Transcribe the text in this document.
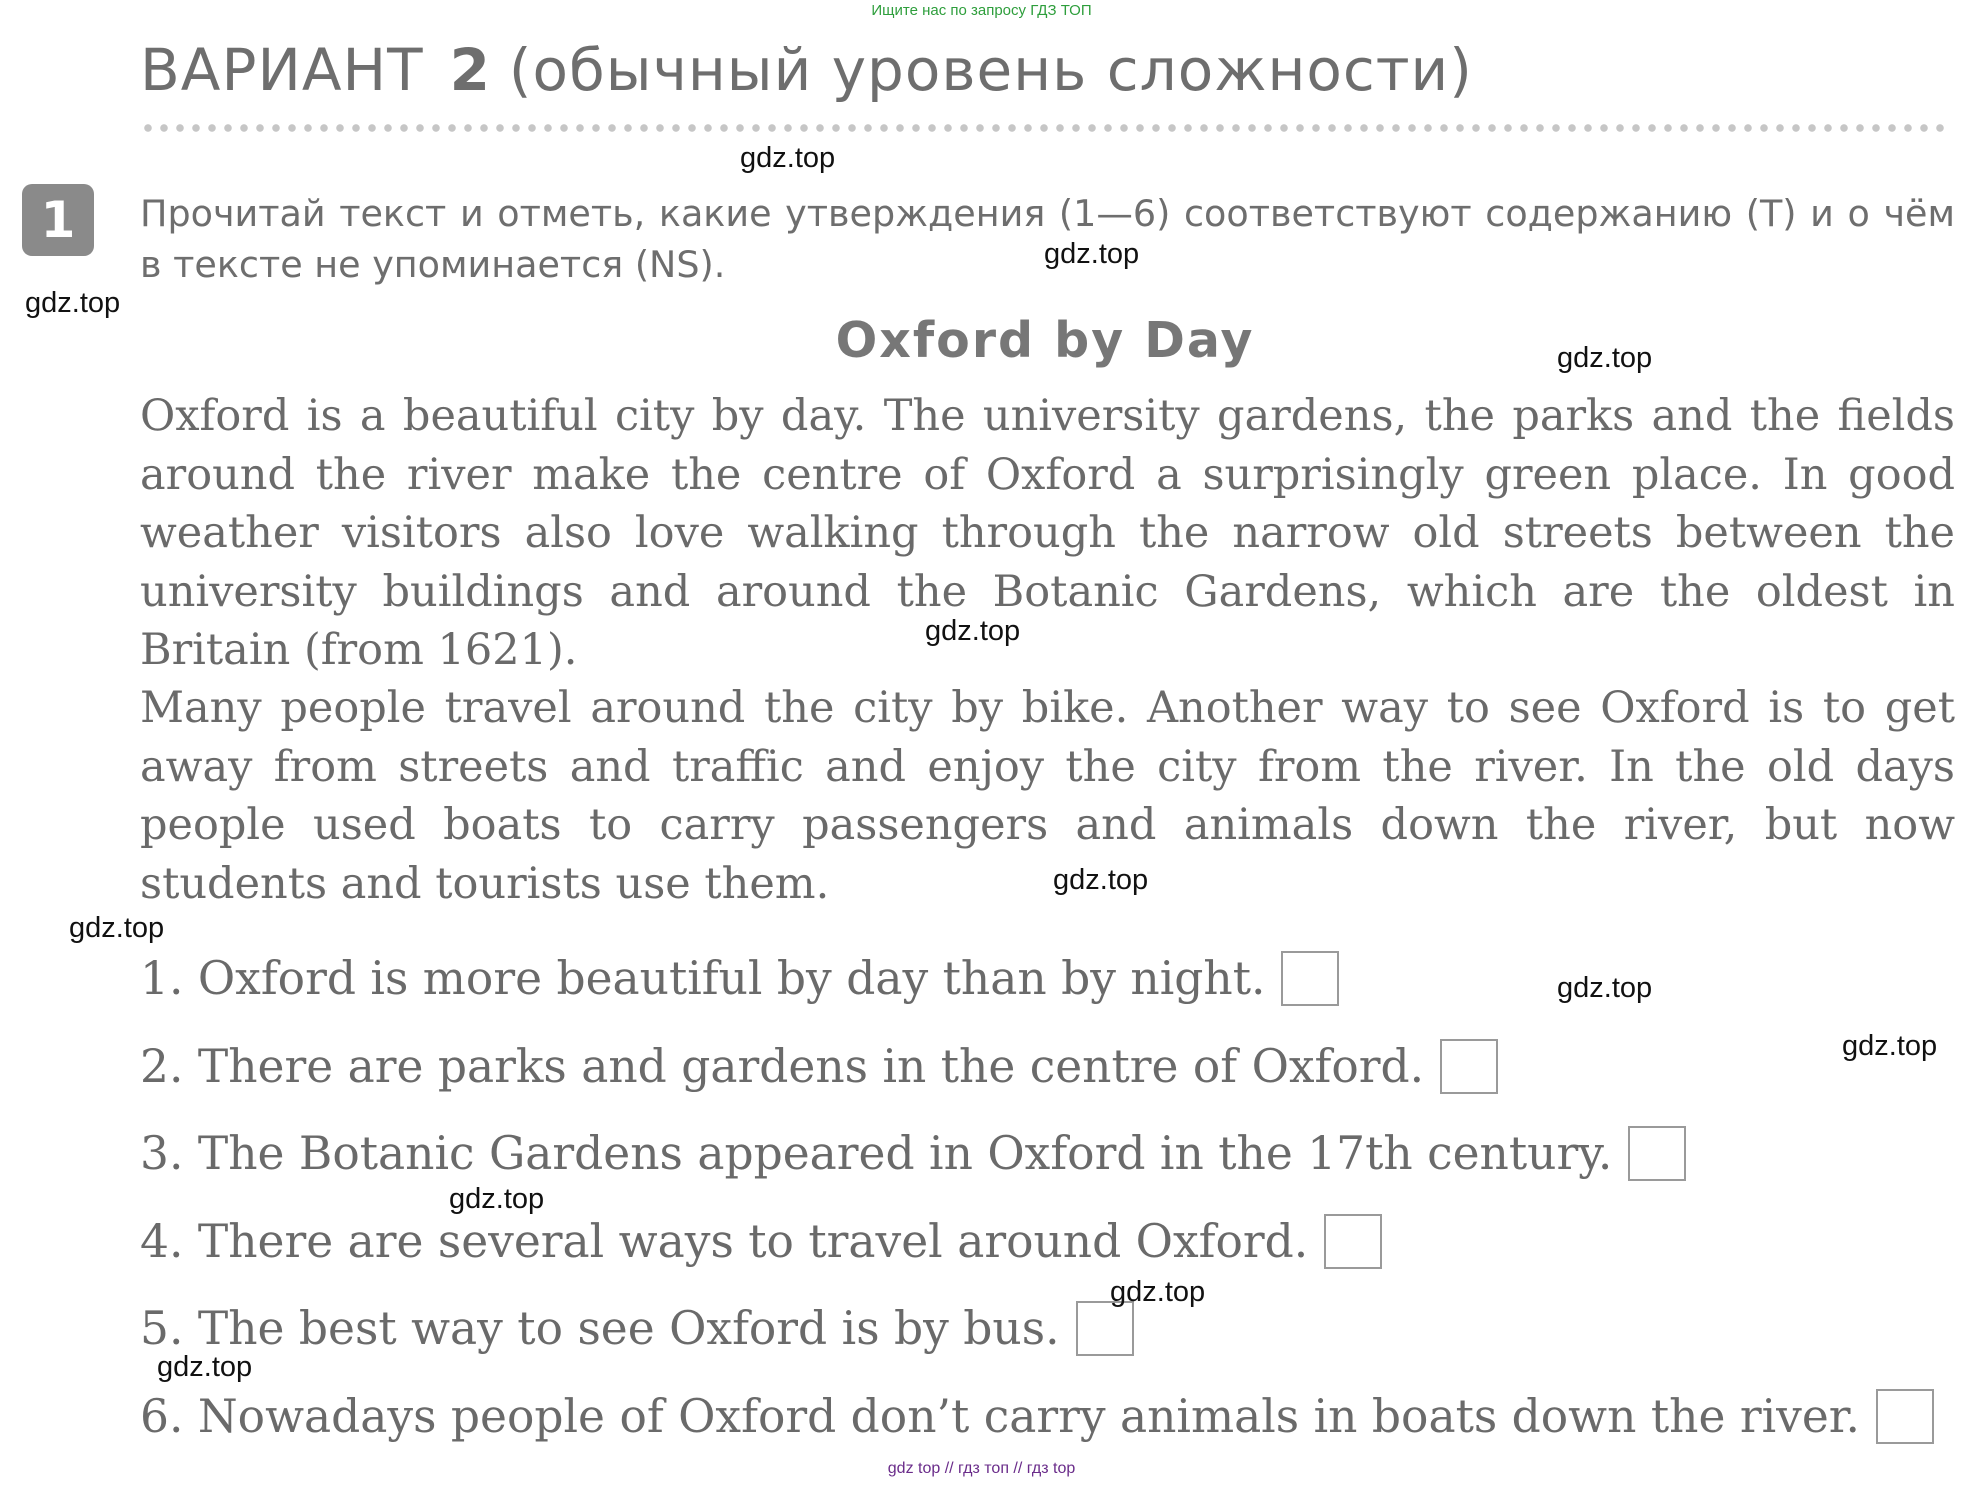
Ищите нас по запросу ГДЗ ТОП
ВАРИАНТ 2 (обычный уровень сложности)
1	Прочитай текст и отметь, какие утверждения (1—6) соответствуют содержанию (Т) и о чём в тексте не упоминается (NS).
Oxford by Day
Oxford is a beautiful city by day. The university gardens, the parks and the fields around the river make the centre of Oxford a surprisingly green place. In good weather visitors also love walking through the narrow old streets between the university buildings and around the Botanic Gardens, which are the oldest in Britain (from 1621).
Many people travel around the city by bike. Another way to see Oxford is to get away from streets and traffic and enjoy the city from the river. In the old days people used boats to carry passengers and animals down the river, but now students and tourists use them.
1. Oxford is more beautiful by day than by night.
2. There are parks and gardens in the centre of Oxford.
3. The Botanic Gardens appeared in Oxford in the 17th century.
4. There are several ways to travel around Oxford.
5. The best way to see Oxford is by bus.
6. Nowadays people of Oxford don’t carry animals in boats down the river.
gdz.top
gdz.top
gdz.top
gdz.top
gdz.top
gdz.top
gdz.top
gdz.top
gdz.top
gdz.top
gdz.top
gdz.top
gdz top // гдз топ // гдз top
